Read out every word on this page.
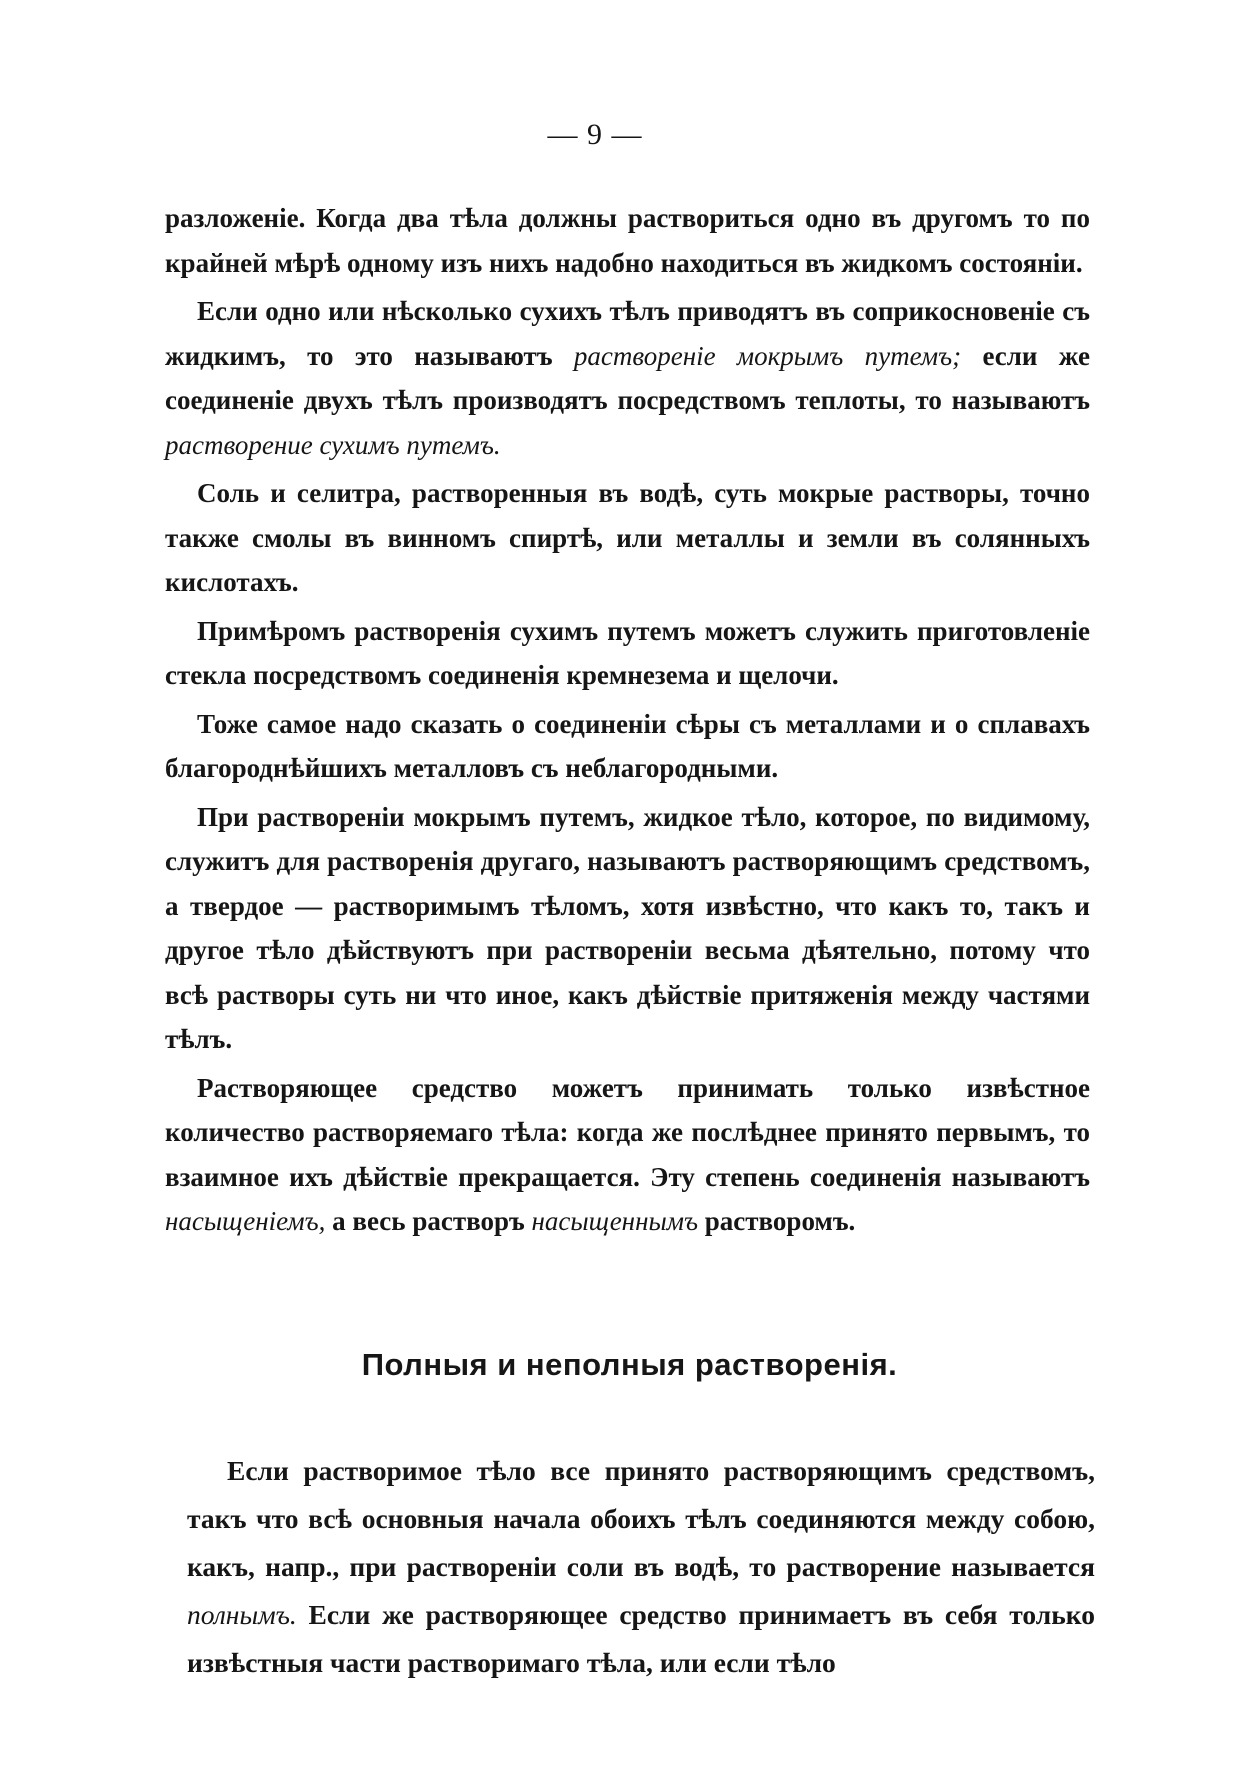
— 9 —

разложеніе. Когда два тѣла должны раствориться одно въ другомъ то по крайней мѣрѣ одному изъ нихъ надобно находиться въ жидкомъ состояніи.

Если одно или нѣсколько сухихъ тѣлъ приводятъ въ соприкосновеніе съ жидкимъ, то это называютъ раствореніе мокрымъ путемъ; если же соединеніе двухъ тѣлъ производятъ посредствомъ теплоты, то называютъ растворение сухимъ путемъ.

Соль и селитра, растворенныя въ водѣ, суть мокрые растворы, точно также смолы въ винномъ спиртѣ, или металлы и земли въ солянныхъ кислотахъ.

Примѣромъ растворенія сухимъ путемъ можетъ служить приготовленіе стекла посредствомъ соединенія кремнезема и щелочи.

Тоже самое надо сказать о соединеніи сѣры съ металлами и о сплавахъ благороднѣйшихъ металловъ съ неблагородными.

При раствореніи мокрымъ путемъ, жидкое тѣло, которое, по видимому, служитъ для растворенія другаго, называютъ растворяющимъ средствомъ, а твердое — растворимымъ тѣломъ, хотя извѣстно, что какъ то, такъ и другое тѣло дѣйствуютъ при раствореніи весьма дѣятельно, потому что всѣ растворы суть ни что иное, какъ дѣйствіе притяженія между частями тѣлъ.

Растворяющее средство можетъ принимать только извѣстное количество растворяемаго тѣла: когда же послѣднее принято первымъ, то взаимное ихъ дѣйствіе прекращается. Эту степень соединенія называютъ насыщеніемъ, а весь растворъ насыщеннымъ растворомъ.

Полныя и неполныя растворенія.

Если растворимое тѣло все принято растворяющимъ средствомъ, такъ что всѣ основныя начала обоихъ тѣлъ соединяются между собою, какъ, напр., при раствореніи соли въ водѣ, то растворение называется полнымъ. Если же растворяющее средство принимаетъ въ себя только извѣстныя части растворимаго тѣла, или если тѣло
